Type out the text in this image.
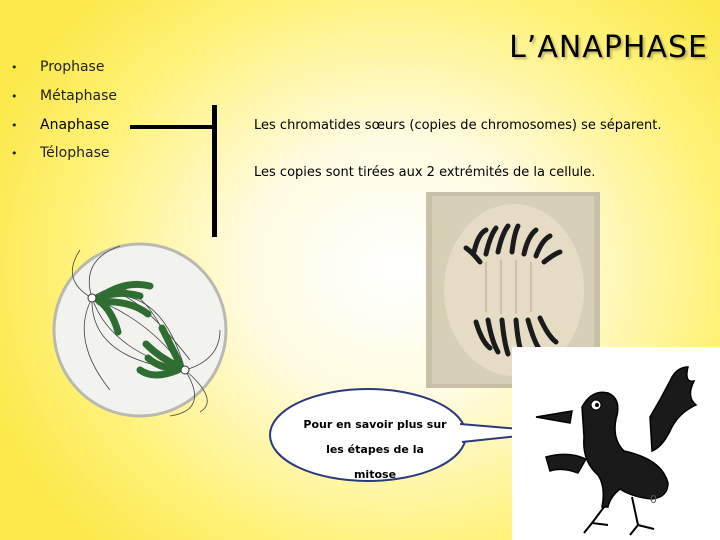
L’ANAPHASE
• Prophase
• Métaphase
• Anaphase
• Télophase
Les chromatides sœurs (copies de chromosomes) se séparent.
Les copies sont tirées aux 2 extrémités de la cellule.
Pour en savoir plus sur
les étapes de la
mitose
0
